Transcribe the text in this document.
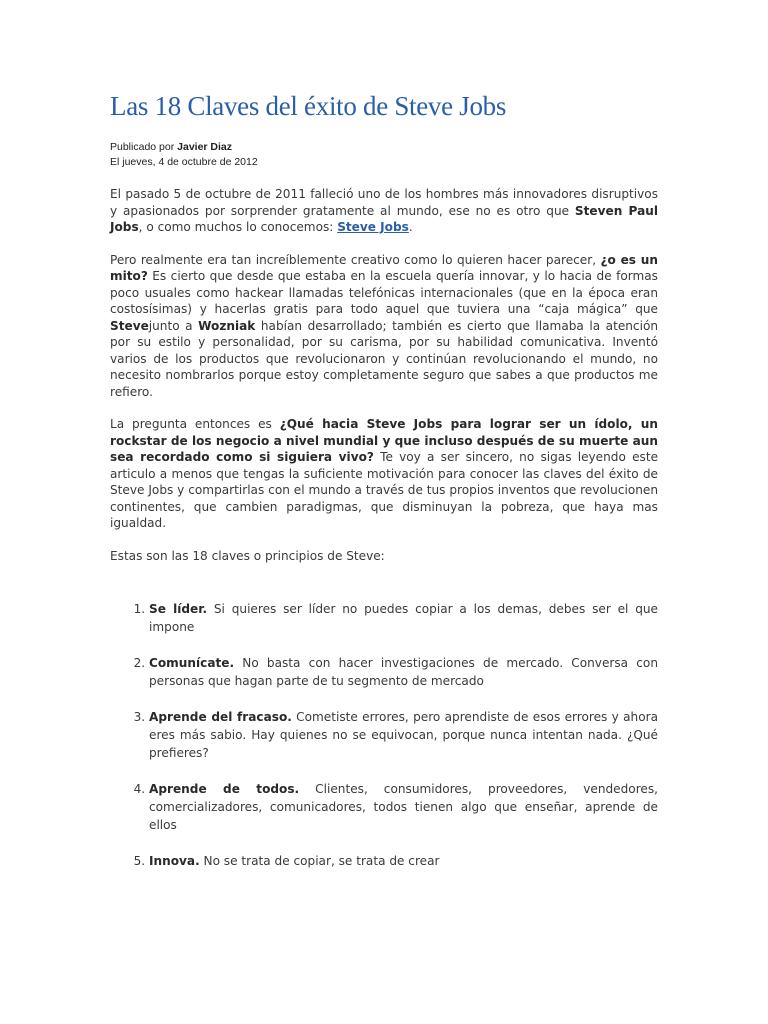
Las 18 Claves del éxito de Steve Jobs
Publicado por Javier Diaz
El jueves, 4 de octubre de 2012

El pasado 5 de octubre de 2011 falleció uno de los hombres más innovadores disruptivos y apasionados por sorprender gratamente al mundo, ese no es otro que Steven Paul Jobs, o como muchos lo conocemos: Steve Jobs.

Pero realmente era tan increíblemente creativo como lo quieren hacer parecer, ¿o es un mito? Es cierto que desde que estaba en la escuela quería innovar, y lo hacia de formas poco usuales como hackear llamadas telefónicas internacionales (que en la época eran costosísimas) y hacerlas gratis para todo aquel que tuviera una “caja mágica” que Stevejunto a Wozniak habían desarrollado; también es cierto que llamaba la atención por su estilo y personalidad, por su carisma, por su habilidad comunicativa. Inventó varios de los productos que revolucionaron y continúan revolucionando el mundo, no necesito nombrarlos porque estoy completamente seguro que sabes a que productos me refiero.

La pregunta entonces es ¿Qué hacia Steve Jobs para lograr ser un ídolo, un rockstar de los negocio a nivel mundial y que incluso después de su muerte aun sea recordado como si siguiera vivo? Te voy a ser sincero, no sigas leyendo este articulo a menos que tengas la suficiente motivación para conocer las claves del éxito de Steve Jobs y compartirlas con el mundo a través de tus propios inventos que revolucionen continentes, que cambien paradigmas, que disminuyan la pobreza, que haya mas igualdad.

Estas son las 18 claves o principios de Steve:

1. Se líder. Si quieres ser líder no puedes copiar a los demas, debes ser el que impone
2. Comunícate. No basta con hacer investigaciones de mercado. Conversa con personas que hagan parte de tu segmento de mercado
3. Aprende del fracaso. Cometiste errores, pero aprendiste de esos errores y ahora eres más sabio. Hay quienes no se equivocan, porque nunca intentan nada. ¿Qué prefieres?
4. Aprende de todos. Clientes, consumidores, proveedores, vendedores, comercializadores, comunicadores, todos tienen algo que enseñar, aprende de ellos
5. Innova. No se trata de copiar, se trata de crear
